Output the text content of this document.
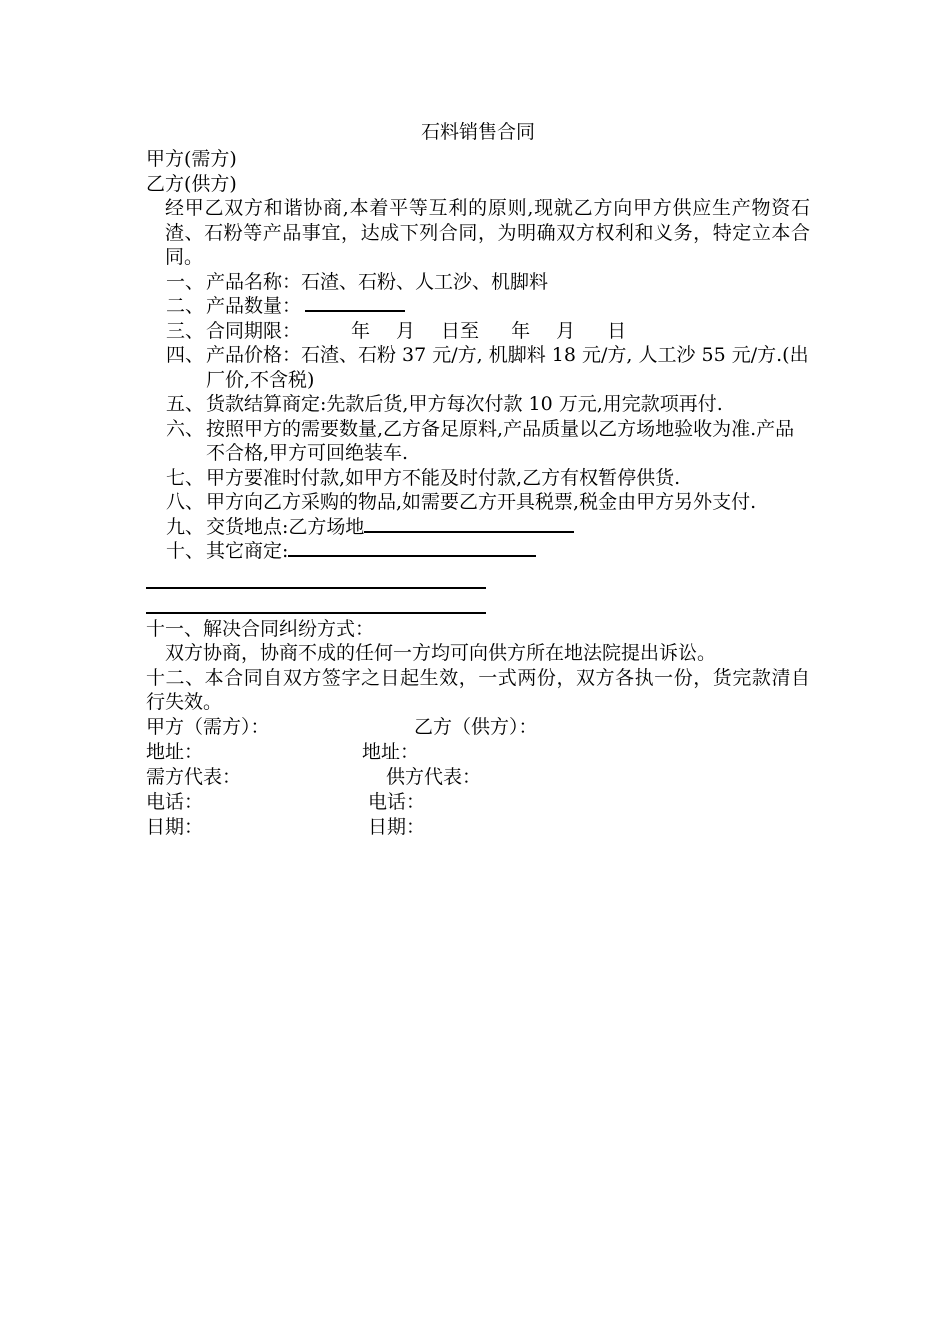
石料销售合同
甲方(需方)
乙方(供方)
经甲乙双方和谐协商,本着平等互利的原则,现就乙方向甲方供应生产物资石渣、石粉等产品事宜，达成下列合同，为明确双方权利和义务，特定立本合同。
一、 产品名称：石渣、石粉、人工沙、机脚料
二、 产品数量：
三、 合同期限：	年 月 日至 年 月 日
四、 产品价格：石渣、石粉 37 元/方, 机脚料 18 元/方, 人工沙 55 元/方.(出厂价,不含税)
五、 货款结算商定:先款后货,甲方每次付款 10 万元,用完款项再付.
六、 按照甲方的需要数量,乙方备足原料,产品质量以乙方场地验收为准.产品不合格,甲方可回绝装车.
七、 甲方要准时付款,如甲方不能及时付款,乙方有权暂停供货.
八、 甲方向乙方采购的物品,如需要乙方开具税票,税金由甲方另外支付.
九、 交货地点:乙方场地
十、 其它商定:
十一、解决合同纠纷方式：
双方协商，协商不成的任何一方均可向供方所在地法院提出诉讼。
十二、本合同自双方签字之日起生效，一式两份，双方各执一份，货完款清自行失效。
甲方（需方）：	乙方（供方）：
地址：	地址：
需方代表：	供方代表：
电话：	电话：
日期：	日期：
